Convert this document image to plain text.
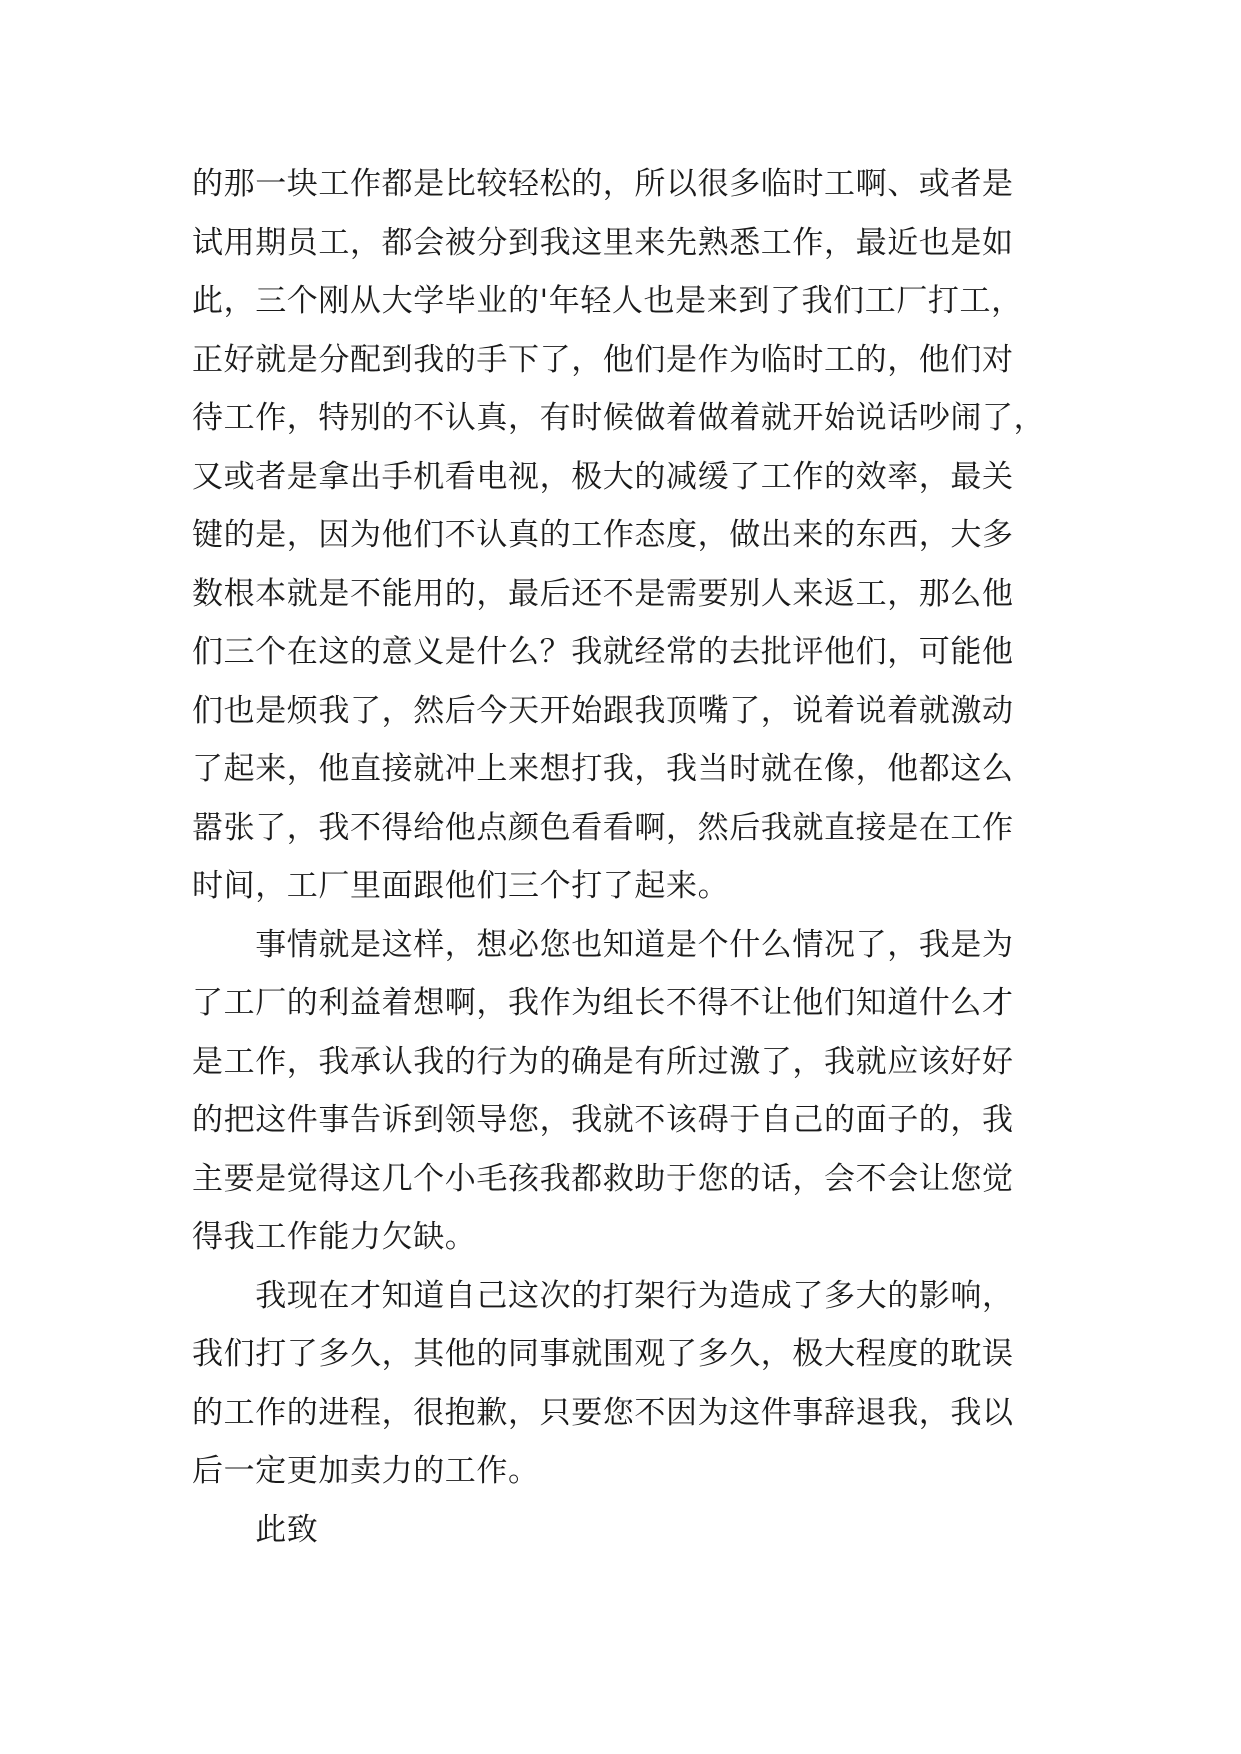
的那一块工作都是比较轻松的，所以很多临时工啊、或者是
试用期员工，都会被分到我这里来先熟悉工作，最近也是如
此，三个刚从大学毕业的'年轻人也是来到了我们工厂打工，
正好就是分配到我的手下了，他们是作为临时工的，他们对
待工作，特别的不认真，有时候做着做着就开始说话吵闹了，
又或者是拿出手机看电视，极大的减缓了工作的效率，最关
键的是，因为他们不认真的工作态度，做出来的东西，大多
数根本就是不能用的，最后还不是需要别人来返工，那么他
们三个在这的意义是什么？我就经常的去批评他们，可能他
们也是烦我了，然后今天开始跟我顶嘴了，说着说着就激动
了起来，他直接就冲上来想打我，我当时就在像，他都这么
嚣张了，我不得给他点颜色看看啊，然后我就直接是在工作
时间，工厂里面跟他们三个打了起来。
　　事情就是这样，想必您也知道是个什么情况了，我是为
了工厂的利益着想啊，我作为组长不得不让他们知道什么才
是工作，我承认我的行为的确是有所过激了，我就应该好好
的把这件事告诉到领导您，我就不该碍于自己的面子的，我
主要是觉得这几个小毛孩我都救助于您的话，会不会让您觉
得我工作能力欠缺。
　　我现在才知道自己这次的打架行为造成了多大的影响，
我们打了多久，其他的同事就围观了多久，极大程度的耽误
的工作的进程，很抱歉，只要您不因为这件事辞退我，我以
后一定更加卖力的工作。
　　此致
